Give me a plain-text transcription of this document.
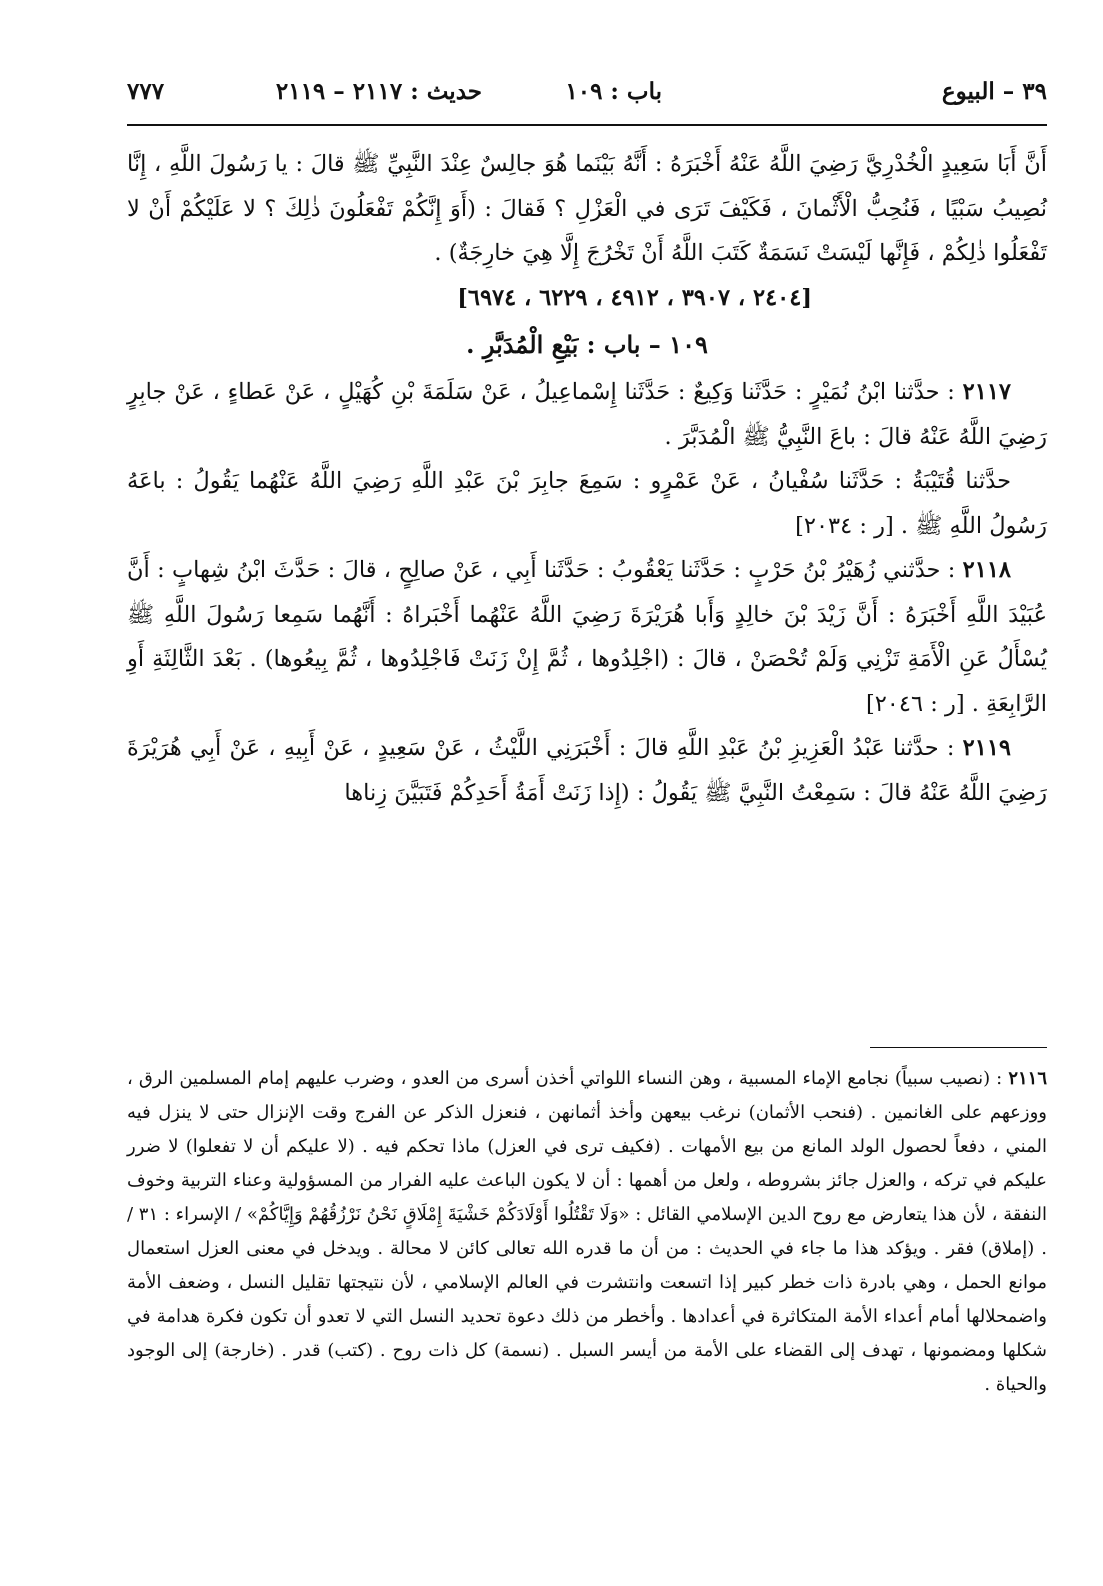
٣٩ – البيوع
باب : ١٠٩
حديث : ٢١١٧ – ٢١١٩
٧٧٧

أَنَّ أَبَا سَعِيدٍ الْخُدْرِيَّ رَضِيَ اللَّهُ عَنْهُ أَخْبَرَهُ : أَنَّهُ بَيْنَما هُوَ جالِسٌ عِنْدَ النَّبِيِّ ﷺ قالَ : يا رَسُولَ اللَّهِ ، إِنَّا نُصِيبُ سَبْيًا ، فَنُحِبُّ الْأَثْمانَ ، فَكَيْفَ تَرَى في الْعَزْلِ ؟ فَقالَ : (أَوَ إِنَّكُمْ تَفْعَلُونَ ذٰلِكَ ؟ لا عَلَيْكُمْ أَنْ لا تَفْعَلُوا ذٰلِكُمْ ، فَإِنَّها لَيْسَتْ نَسَمَةٌ كَتَبَ اللَّهُ أَنْ تَخْرُجَ إِلَّا هِيَ خارِجَةٌ) .

[٢٤٠٤ ، ٣٩٠٧ ، ٤٩١٢ ، ٦٢٢٩ ، ٦٩٧٤]

١٠٩ – باب : بَيْعِ الْمُدَبَّرِ .

٢١١٧ : حدَّثنا ابْنُ نُمَيْرٍ : حَدَّثَنا وَكِيعٌ : حَدَّثَنا إِسْماعِيلُ ، عَنْ سَلَمَةَ بْنِ كُهَيْلٍ ، عَنْ عَطاءٍ ، عَنْ جابِرٍ رَضِيَ اللَّهُ عَنْهُ قالَ : باعَ النَّبِيُّ ﷺ الْمُدَبَّرَ .

حدَّثنا قُتَيْبَةُ : حَدَّثَنا سُفْيانُ ، عَنْ عَمْرٍو : سَمِعَ جابِرَ بْنَ عَبْدِ اللَّهِ رَضِيَ اللَّهُ عَنْهُما يَقُولُ : باعَهُ رَسُولُ اللَّهِ ﷺ . [ر : ٢٠٣٤]

٢١١٨ : حدَّثني زُهَيْرُ بْنُ حَرْبٍ : حَدَّثَنا يَعْقُوبُ : حَدَّثَنا أَبِي ، عَنْ صالِحٍ ، قالَ : حَدَّثَ ابْنُ شِهابٍ : أَنَّ عُبَيْدَ اللَّهِ أَخْبَرَهُ : أَنَّ زَيْدَ بْنَ خالِدٍ وَأَبا هُرَيْرَةَ رَضِيَ اللَّهُ عَنْهُما أَخْبَراهُ : أَنَّهُما سَمِعا رَسُولَ اللَّهِ ﷺ يُسْأَلُ عَنِ الْأَمَةِ تَزْنِي وَلَمْ تُحْصَنْ ، قالَ : (اجْلِدُوها ، ثُمَّ إِنْ زَنَتْ فَاجْلِدُوها ، ثُمَّ بِيعُوها) . بَعْدَ الثَّالِثَةِ أَوِ الرَّابِعَةِ . [ر : ٢٠٤٦]

٢١١٩ : حدَّثنا عَبْدُ الْعَزِيزِ بْنُ عَبْدِ اللَّهِ قالَ : أَخْبَرَنِي اللَّيْثُ ، عَنْ سَعِيدٍ ، عَنْ أَبِيهِ ، عَنْ أَبِي هُرَيْرَةَ رَضِيَ اللَّهُ عَنْهُ قالَ : سَمِعْتُ النَّبِيَّ ﷺ يَقُولُ : (إِذا زَنَتْ أَمَةُ أَحَدِكُمْ فَتَبَيَّنَ زِناها

٢١١٦ : (نصيب سبياً) نجامع الإماء المسبية ، وهن النساء اللواتي أخذن أسرى من العدو ، وضرب عليهم إمام المسلمين الرق ، ووزعهم على الغانمين . (فنحب الأثمان) نرغب بيعهن وأخذ أثمانهن ، فنعزل الذكر عن الفرج وقت الإنزال حتى لا ينزل فيه المني ، دفعاً لحصول الولد المانع من بيع الأمهات . (فكيف ترى في العزل) ماذا تحكم فيه . (لا عليكم أن لا تفعلوا) لا ضرر عليكم في تركه ، والعزل جائز بشروطه ، ولعل من أهمها : أن لا يكون الباعث عليه الفرار من المسؤولية وعناء التربية وخوف النفقة ، لأن هذا يتعارض مع روح الدين الإسلامي القائل : «وَلَا تَقْتُلُوا أَوْلَادَكُمْ خَشْيَةَ إِمْلَاقٍ نَحْنُ نَرْزُقُهُمْ وَإِيَّاكُمْ» / الإسراء : ٣١ / . (إملاق) فقر . ويؤكد هذا ما جاء في الحديث : من أن ما قدره الله تعالى كائن لا محالة . ويدخل في معنى العزل استعمال موانع الحمل ، وهي بادرة ذات خطر كبير إذا اتسعت وانتشرت في العالم الإسلامي ، لأن نتيجتها تقليل النسل ، وضعف الأمة واضمحلالها أمام أعداء الأمة المتكاثرة في أعدادها . وأخطر من ذلك دعوة تحديد النسل التي لا تعدو أن تكون فكرة هدامة في شكلها ومضمونها ، تهدف إلى القضاء على الأمة من أيسر السبل . (نسمة) كل ذات روح . (كتب) قدر . (خارجة) إلى الوجود والحياة .
